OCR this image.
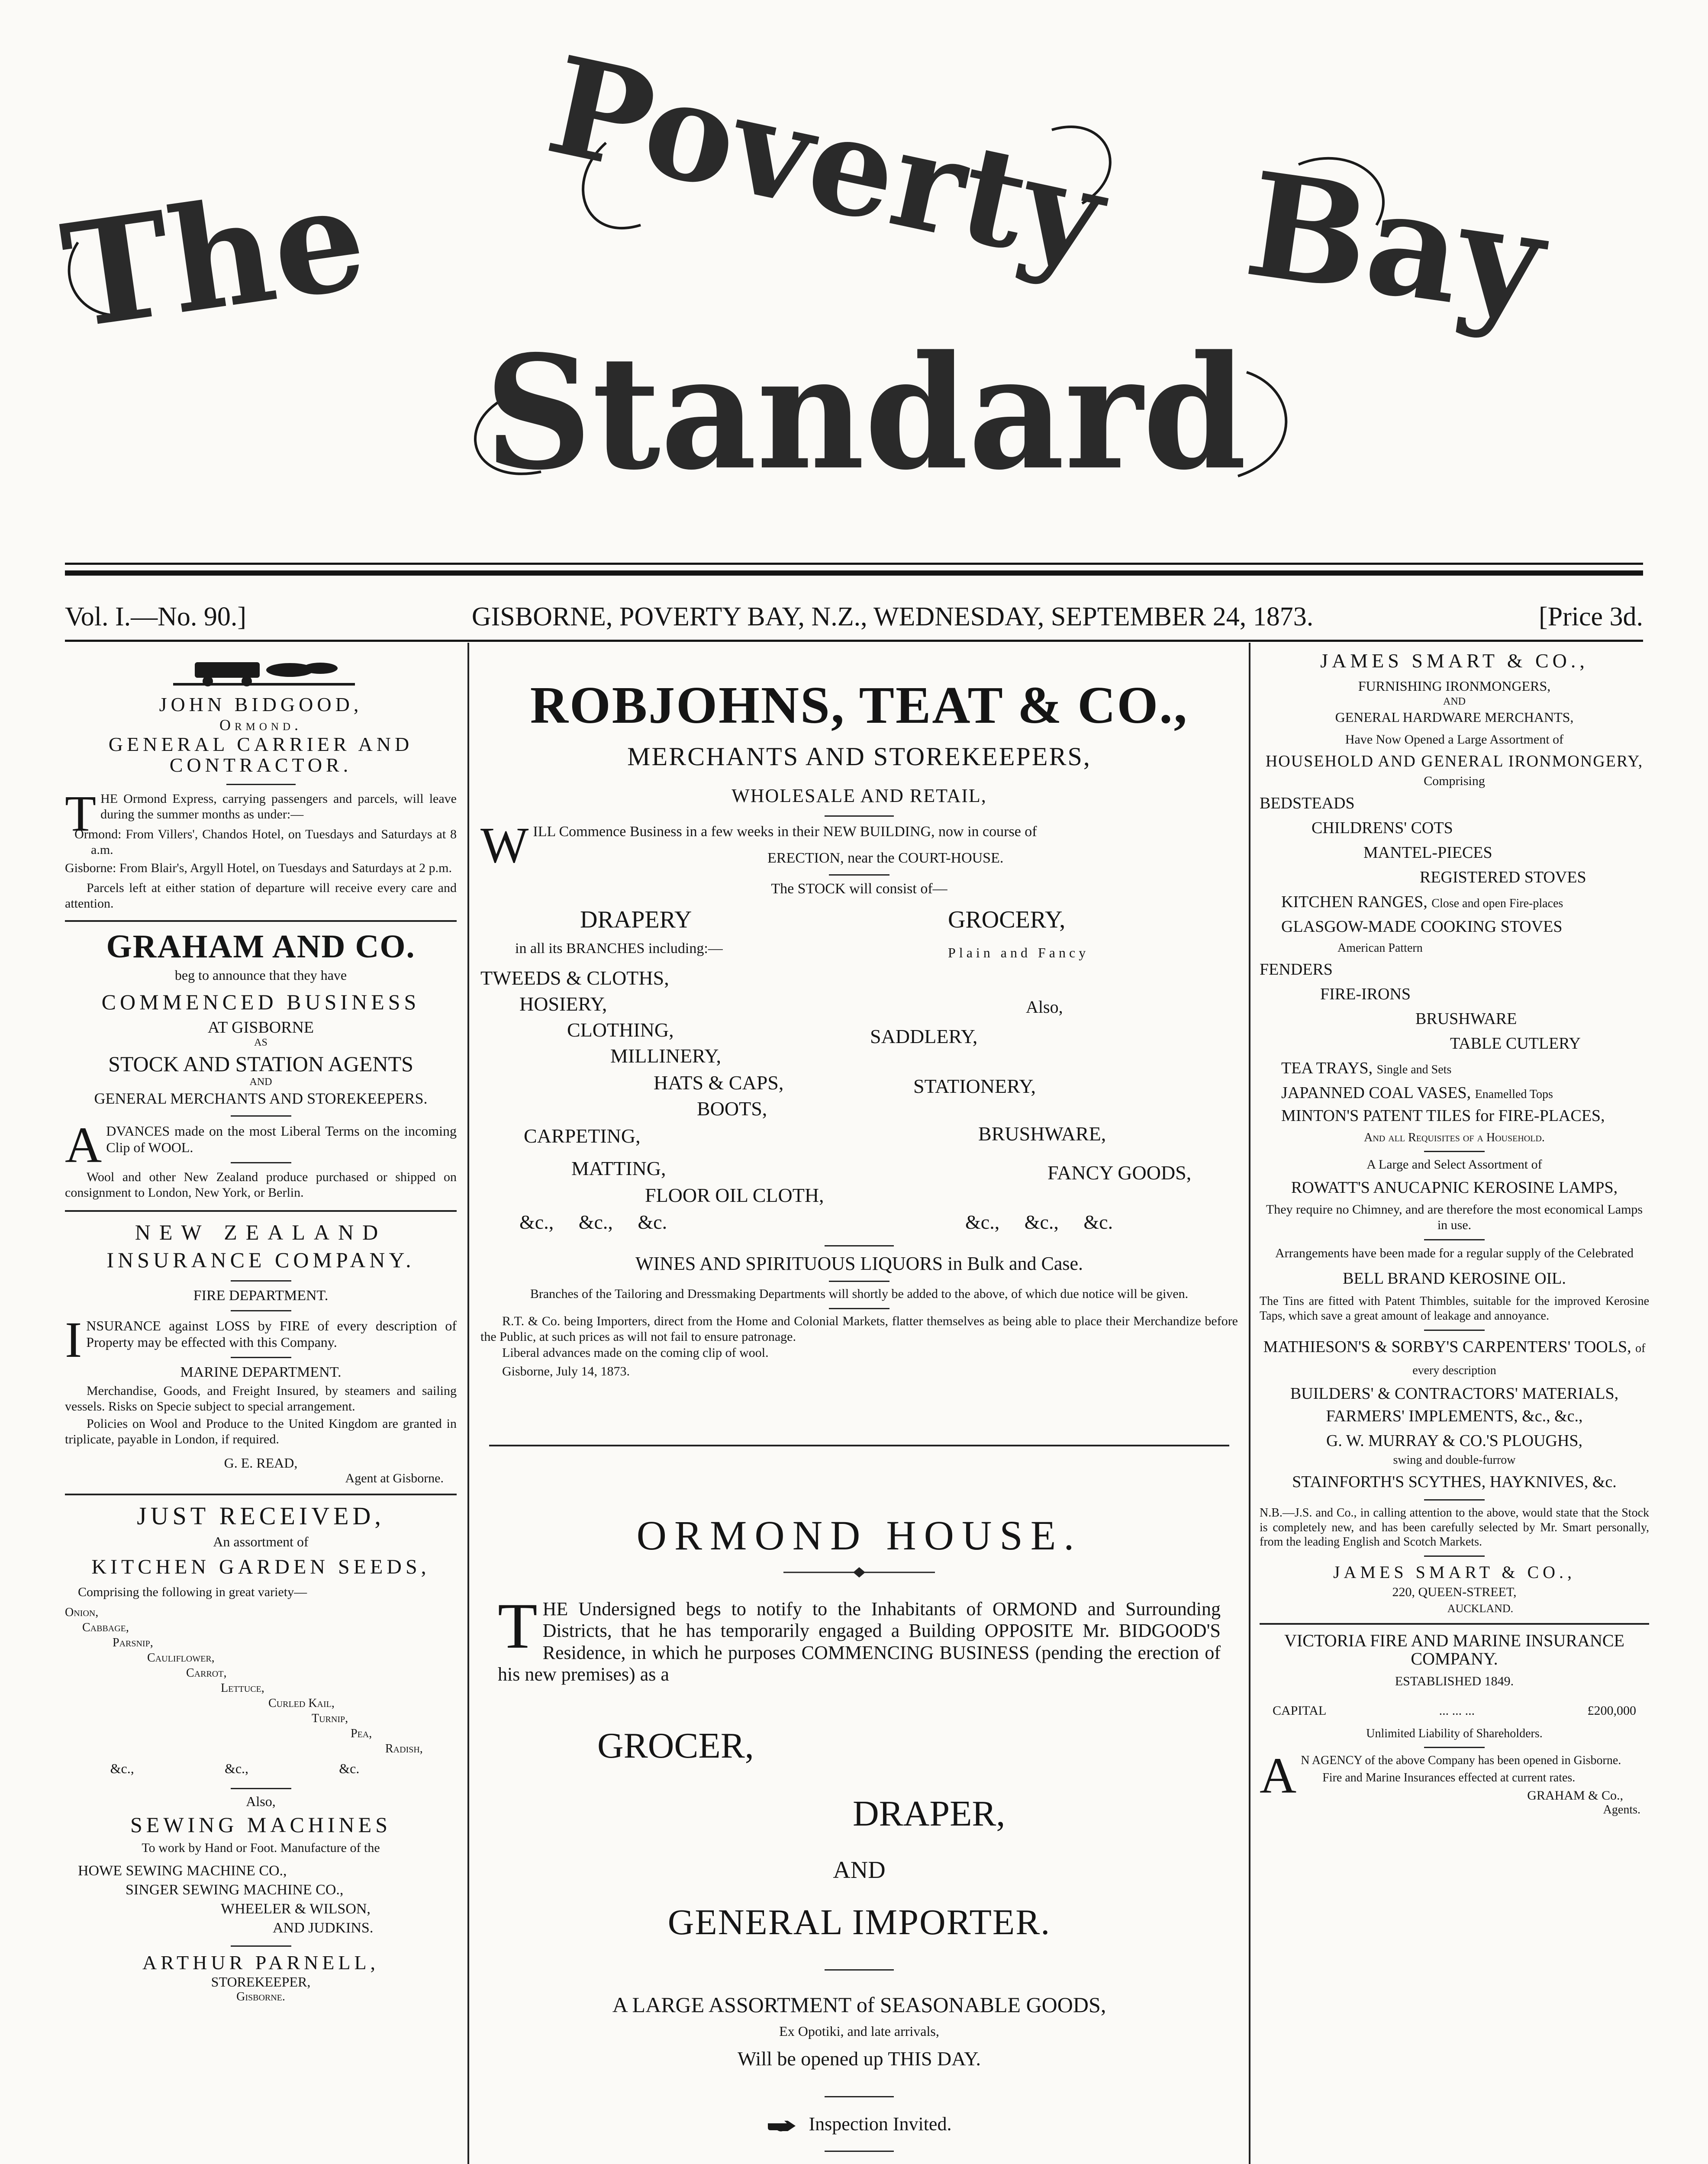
The Poverty Bay
Standard
Vol. I.—No. 90.]	GISBORNE, POVERTY BAY, N.Z., WEDNESDAY, SEPTEMBER 24, 1873.	[Price 3d.

JOHN BIDGOOD,

Ormond.

GENERAL CARRIER AND CONTRACTOR.

THE Ormond Express, carrying passengers and parcels, will leave during the summer months as under:—

Ormond: From Villers', Chandos Hotel, on Tuesdays and Saturdays at 8 a.m.

Gisborne: From Blair's, Argyll Hotel, on Tuesdays and Saturdays at 2 p.m.

Parcels left at either station of departure will receive every care and attention.

GRAHAM AND CO.

beg to announce that they have

COMMENCED BUSINESS

AT GISBORNE

AS

STOCK AND STATION AGENTS

AND

GENERAL MERCHANTS AND STOREKEEPERS.

ADVANCES made on the most Liberal Terms on the incoming Clip of WOOL.

Wool and other New Zealand produce purchased or shipped on consignment to London, New York, or Berlin.

NEW ZEALAND

INSURANCE COMPANY.

FIRE DEPARTMENT.

INSURANCE against LOSS by FIRE of every description of Property may be effected with this Company.

MARINE DEPARTMENT.

Merchandise, Goods, and Freight Insured, by steamers and sailing vessels. Risks on Specie subject to special arrangement.

Policies on Wool and Produce to the United Kingdom are granted in triplicate, payable in London, if required.

G. E. READ,

Agent at Gisborne.

JUST RECEIVED,

An assortment of

KITCHEN GARDEN SEEDS,

Comprising the following in great variety—

Onion,
Cabbage,
Parsnip,
Cauliflower,
Carrot,
Lettuce,
Curled Kail,
Turnip,
Pea,
Radish,
&c.,	&c.,	&c.

Also,

SEWING MACHINES

To work by Hand or Foot. Manufacture of the

HOWE SEWING MACHINE CO.,
SINGER SEWING MACHINE CO.,
WHEELER & WILSON,
AND JUDKINS.

ARTHUR PARNELL,

STOREKEEPER,

Gisborne.

ROBJOHNS, TEAT & CO.,

MERCHANTS AND STOREKEEPERS,

WHOLESALE AND RETAIL,

WILL Commence Business in a few weeks in their NEW BUILDING, now in course of

ERECTION, near the COURT-HOUSE.

The STOCK will consist of—

DRAPERY	GROCERY,
in all its BRANCHES including:—	Plain and Fancy
TWEEDS & CLOTHS,
HOSIERY,	Also,
CLOTHING,	SADDLERY,
MILLINERY,
HATS & CAPS,	STATIONERY,
BOOTS,
CARPETING,	BRUSHWARE,
MATTING,	FANCY GOODS,
FLOOR OIL CLOTH,
&c.,     &c.,     &c.	&c.,     &c.,     &c.

WINES AND SPIRITUOUS LIQUORS in Bulk and Case.

Branches of the Tailoring and Dressmaking Departments will shortly be added to the above, of which due notice will be given.

R.T. & Co. being Importers, direct from the Home and Colonial Markets, flatter themselves as being able to place their Merchandize before the Public, at such prices as will not fail to ensure patronage.

Liberal advances made on the coming clip of wool.

Gisborne, July 14, 1873.

ORMOND HOUSE.

THE Undersigned begs to notify to the Inhabitants of ORMOND and Surrounding Districts, that he has temporarily engaged a Building OPPOSITE Mr. BIDGOOD'S Residence, in which he purposes COMMENCING BUSINESS (pending the erection of his new premises) as a

GROCER,

DRAPER,

AND

GENERAL IMPORTER.

A LARGE ASSORTMENT of SEASONABLE GOODS,

Ex Opotiki, and late arrivals,

Will be opened up THIS DAY.

Inspection Invited.

JAMES SMART & CO.,

FURNISHING IRONMONGERS,

AND

GENERAL HARDWARE MERCHANTS,

Have Now Opened a Large Assortment of

HOUSEHOLD AND GENERAL IRONMONGERY,

Comprising

BEDSTEADS
CHILDRENS' COTS
MANTEL-PIECES
REGISTERED STOVES
KITCHEN RANGES, Close and open Fire-places
GLASGOW-MADE COOKING STOVES
American Pattern
FENDERS
FIRE-IRONS
BRUSHWARE
TABLE CUTLERY
TEA TRAYS, Single and Sets
JAPANNED COAL VASES, Enamelled Tops
MINTON'S PATENT TILES for FIRE-PLACES,

And all Requisites of a Household.

A Large and Select Assortment of

ROWATT'S ANUCAPNIC KEROSINE LAMPS,

They require no Chimney, and are therefore the most economical Lamps in use.

Arrangements have been made for a regular supply of the Celebrated

BELL BRAND KEROSINE OIL.

The Tins are fitted with Patent Thimbles, suitable for the improved Kerosine Taps, which save a great amount of leakage and annoyance.

MATHIESON'S & SORBY'S CARPENTERS' TOOLS, of every description
BUILDERS' & CONTRACTORS' MATERIALS, FARMERS' IMPLEMENTS, &c., &c.,
G. W. MURRAY & CO.'S PLOUGHS,
swing and double-furrow
STAINFORTH'S SCYTHES, HAYKNIVES, &c.

N.B.—J.S. and Co., in calling attention to the above, would state that the Stock is completely new, and has been carefully selected by Mr. Smart personally, from the leading English and Scotch Markets.

JAMES SMART & CO.,

220, QUEEN-STREET,

AUCKLAND.

VICTORIA FIRE AND MARINE INSURANCE COMPANY.

ESTABLISHED 1849.

CAPITAL	... ... ...	£200,000

Unlimited Liability of Shareholders.

AN AGENCY of the above Company has been opened in Gisborne.

Fire and Marine Insurances effected at current rates.

GRAHAM & Co.,

Agents.
